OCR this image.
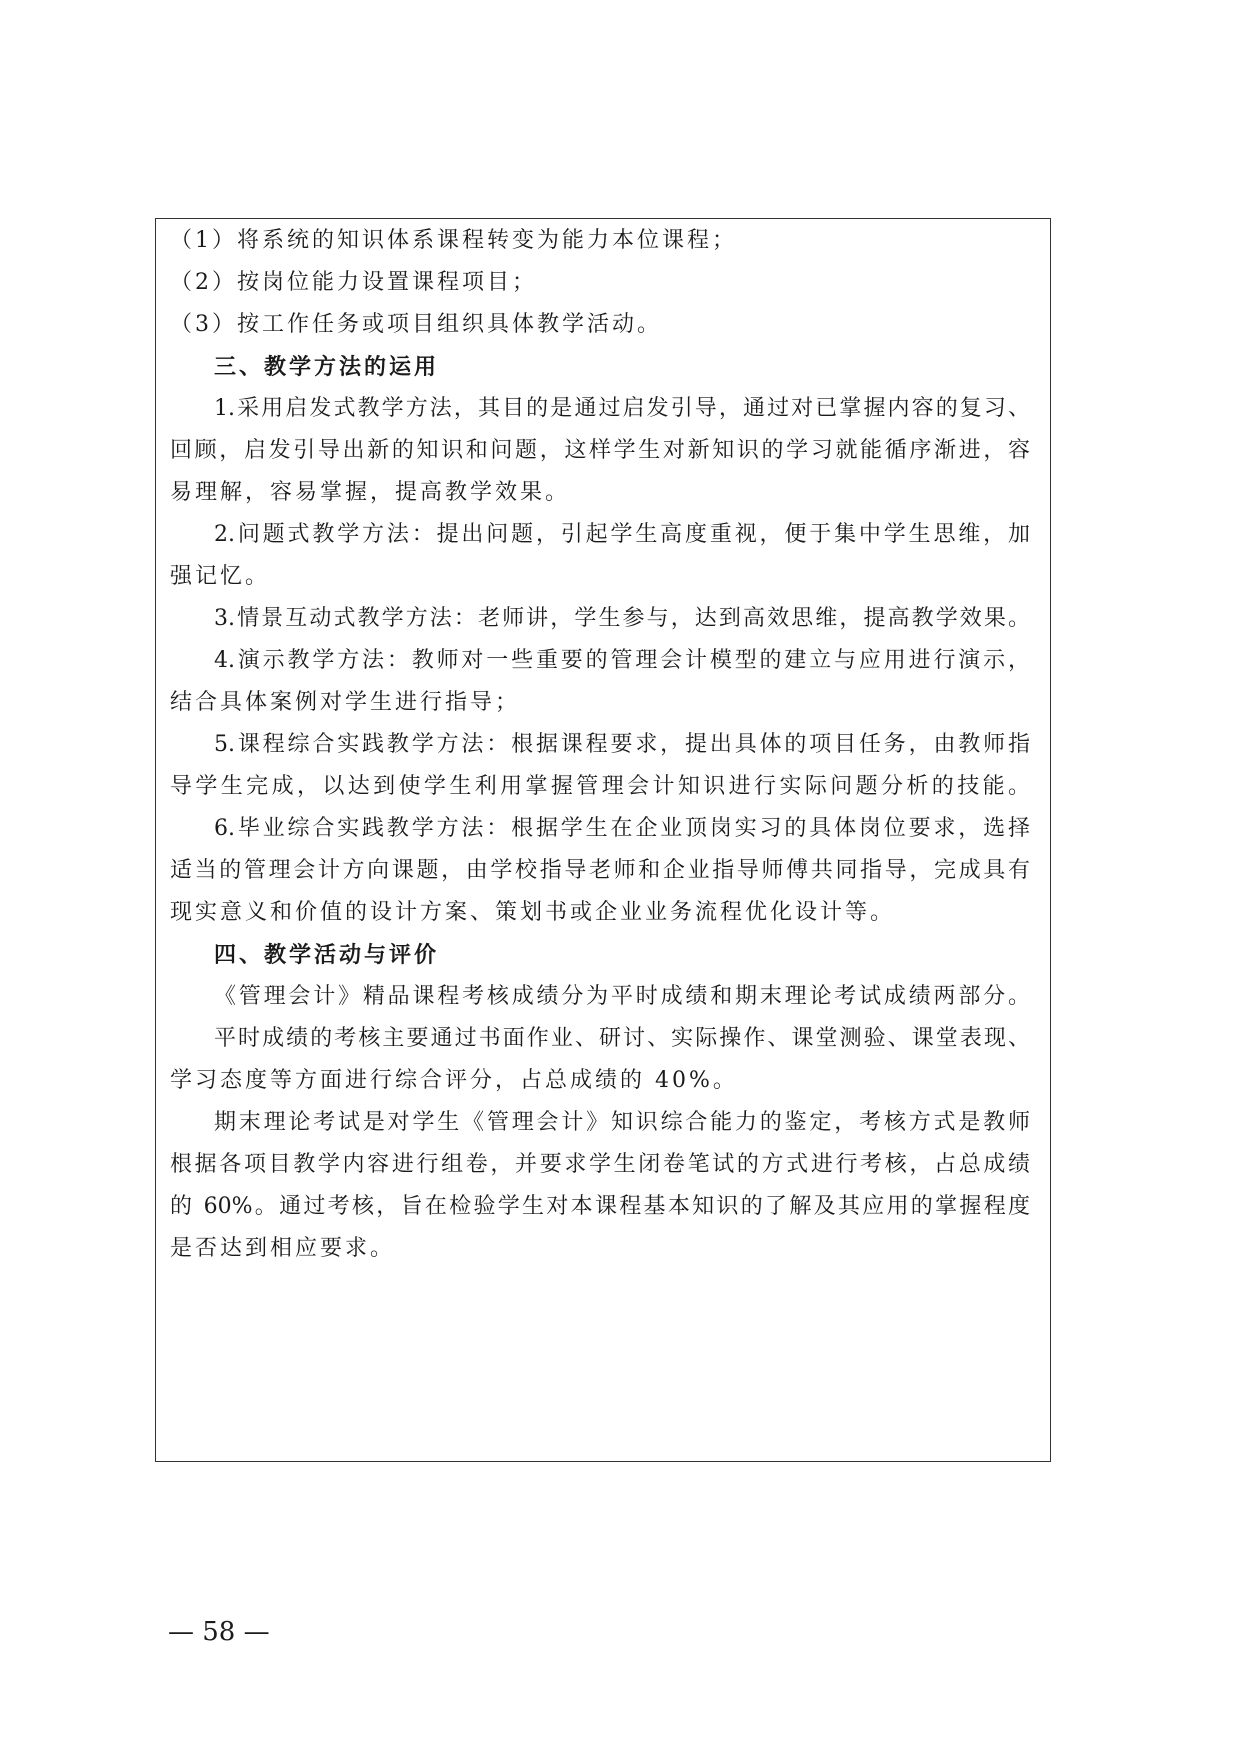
（1）将系统的知识体系课程转变为能力本位课程；
（2）按岗位能力设置课程项目；
（3）按工作任务或项目组织具体教学活动。
三、教学方法的运用
1.采用启发式教学方法，其目的是通过启发引导，通过对已掌握内容的复习、
回顾，启发引导出新的知识和问题，这样学生对新知识的学习就能循序渐进，容
易理解，容易掌握，提高教学效果。
2.问题式教学方法：提出问题，引起学生高度重视，便于集中学生思维，加
强记忆。
3.情景互动式教学方法：老师讲，学生参与，达到高效思维，提高教学效果。
4.演示教学方法：教师对一些重要的管理会计模型的建立与应用进行演示，
结合具体案例对学生进行指导；
5.课程综合实践教学方法：根据课程要求，提出具体的项目任务，由教师指
导学生完成，以达到使学生利用掌握管理会计知识进行实际问题分析的技能。
6.毕业综合实践教学方法：根据学生在企业顶岗实习的具体岗位要求，选择
适当的管理会计方向课题，由学校指导老师和企业指导师傅共同指导，完成具有
现实意义和价值的设计方案、策划书或企业业务流程优化设计等。
四、教学活动与评价
《管理会计》精品课程考核成绩分为平时成绩和期末理论考试成绩两部分。
平时成绩的考核主要通过书面作业、研讨、实际操作、课堂测验、课堂表现、
学习态度等方面进行综合评分，占总成绩的 40%。
期末理论考试是对学生《管理会计》知识综合能力的鉴定，考核方式是教师
根据各项目教学内容进行组卷，并要求学生闭卷笔试的方式进行考核，占总成绩
的 60%。通过考核，旨在检验学生对本课程基本知识的了解及其应用的掌握程度
是否达到相应要求。
— 58 —
